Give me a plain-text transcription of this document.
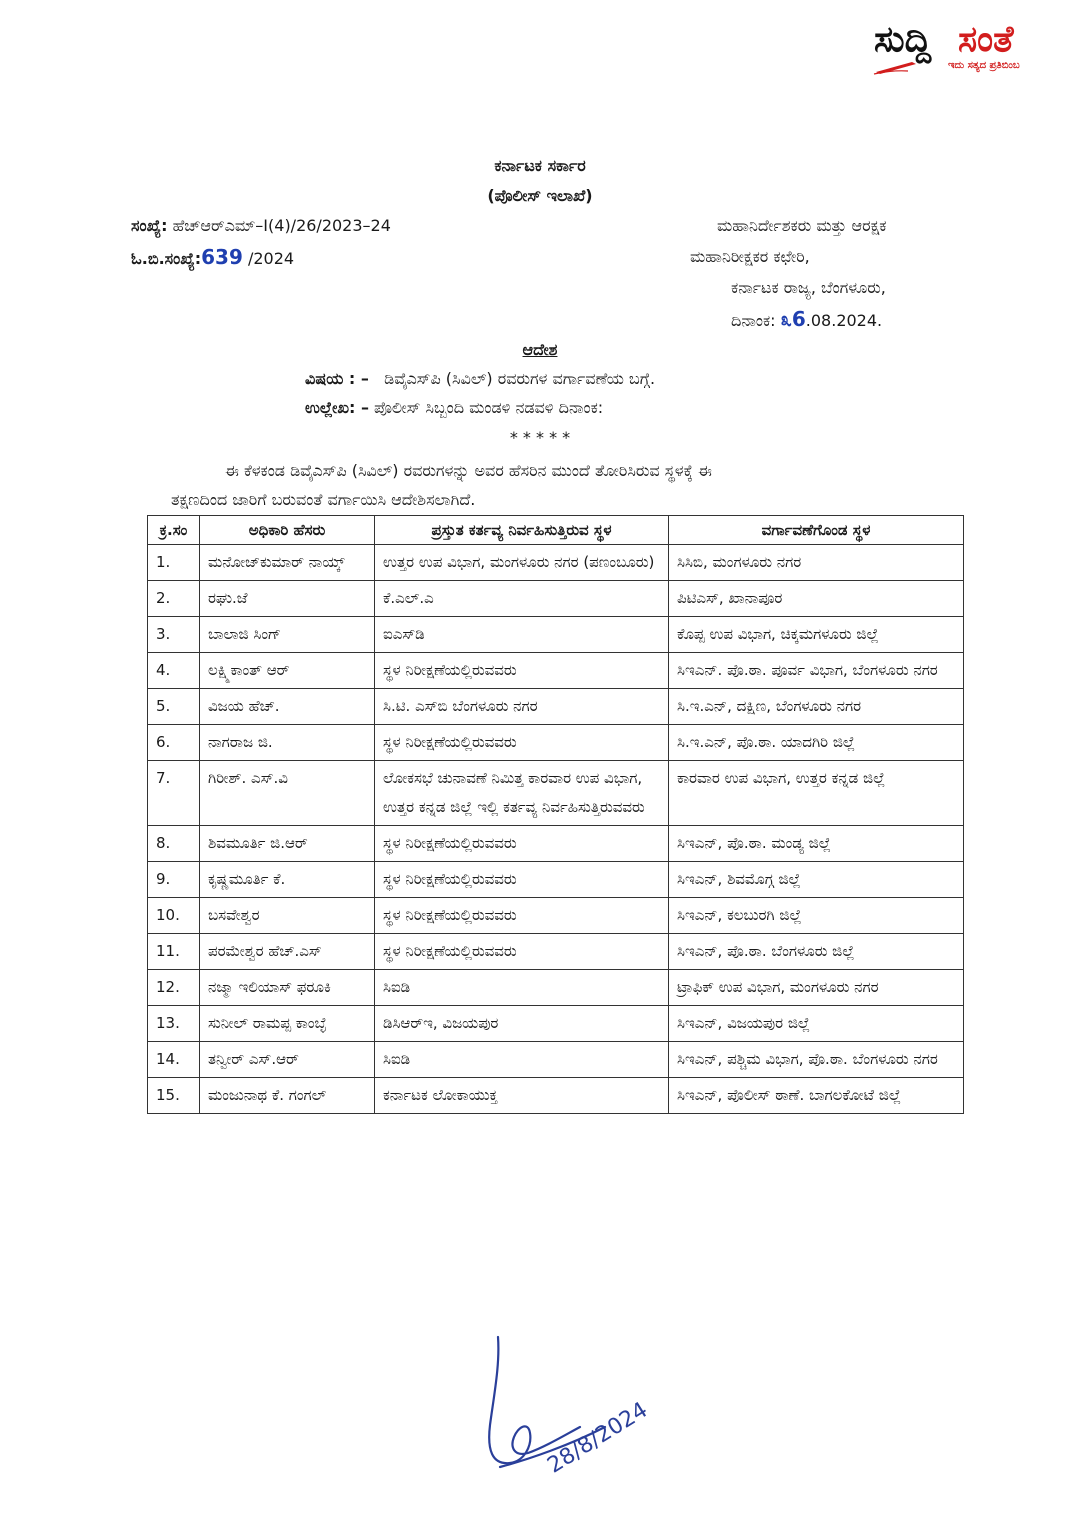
ಸುದ್ದಿ ಸಂತೆ
ಇದು ಸತ್ಯದ ಪ್ರತಿಬಿಂಬ
ಕರ್ನಾಟಕ ಸರ್ಕಾರ
(ಪೊಲೀಸ್ ಇಲಾಖೆ)
ಸಂಖ್ಯೆ: ಹೆಚ್‌ಆರ್‌ಎಮ್–I(4)/26/2023–24
ಓ.ಬಿ.ಸಂಖ್ಯೆ:639 /2024
ಮಹಾನಿರ್ದೇಶಕರು ಮತ್ತು ಆರಕ್ಷಕ
ಮಹಾನಿರೀಕ್ಷಕರ ಕಛೇರಿ,
ಕರ್ನಾಟಕ ರಾಜ್ಯ, ಬೆಂಗಳೂರು,
ದಿನಾಂಕ: ೩6.08.2024.
ಆದೇಶ
ವಿಷಯ : – ಡಿವೈಎಸ್‌ಪಿ (ಸಿವಿಲ್) ರವರುಗಳ ವರ್ಗಾವಣೆಯ ಬಗ್ಗೆ.
ಉಲ್ಲೇಖ: – ಪೊಲೀಸ್ ಸಿಬ್ಬಂದಿ ಮಂಡಳಿ ನಡವಳಿ ದಿನಾಂಕ:
* * * * *
ಈ ಕೆಳಕಂಡ ಡಿವೈಎಸ್‌ಪಿ (ಸಿವಿಲ್) ರವರುಗಳನ್ನು ಅವರ ಹೆಸರಿನ ಮುಂದೆ ತೋರಿಸಿರುವ ಸ್ಥಳಕ್ಕೆ ಈ
ತಕ್ಷಣದಿಂದ ಜಾರಿಗೆ ಬರುವಂತೆ ವರ್ಗಾಯಿಸಿ ಆದೇಶಿಸಲಾಗಿದೆ.
ಕ್ರ.ಸಂ	ಅಧಿಕಾರಿ ಹೆಸರು	ಪ್ರಸ್ತುತ ಕರ್ತವ್ಯ ನಿರ್ವಹಿಸುತ್ತಿರುವ ಸ್ಥಳ	ವರ್ಗಾವಣೆಗೊಂಡ ಸ್ಥಳ
1.	ಮನೋಜ್‌ಕುಮಾರ್ ನಾಯ್ಕ್	ಉತ್ತರ ಉಪ ವಿಭಾಗ, ಮಂಗಳೂರು ನಗರ (ಪಣಂಬೂರು)	ಸಿಸಿಬಿ, ಮಂಗಳೂರು ನಗರ
2.	ರಘು.ಜೆ	ಕೆ.ಎಲ್.ಎ	ಪಿಟಿಎಸ್, ಖಾನಾಪೂರ
3.	ಬಾಲಾಜಿ ಸಿಂಗ್	ಐಎಸ್‌ಡಿ	ಕೊಪ್ಪ ಉಪ ವಿಭಾಗ, ಚಿಕ್ಕಮಗಳೂರು ಜಿಲ್ಲೆ
4.	ಲಕ್ಷ್ಮಿಕಾಂತ್ ಆರ್	ಸ್ಥಳ ನಿರೀಕ್ಷಣೆಯಲ್ಲಿರುವವರು	ಸಿಇಎನ್. ಪೊ.ಠಾ. ಪೂರ್ವ ವಿಭಾಗ, ಬೆಂಗಳೂರು ನಗರ
5.	ವಿಜಯ ಹೆಚ್.	ಸಿ.ಟಿ. ಎಸ್‌ಬಿ ಬೆಂಗಳೂರು ನಗರ	ಸಿ.ಇ.ಎನ್, ದಕ್ಷಿಣ, ಬೆಂಗಳೂರು ನಗರ
6.	ನಾಗರಾಜ ಜಿ.	ಸ್ಥಳ ನಿರೀಕ್ಷಣೆಯಲ್ಲಿರುವವರು	ಸಿ.ಇ.ಎನ್, ಪೊ.ಠಾ. ಯಾದಗಿರಿ ಜಿಲ್ಲೆ
7.	ಗಿರೀಶ್. ಎಸ್.ವಿ	ಲೋಕಸಭೆ ಚುನಾವಣೆ ನಿಮಿತ್ತ ಕಾರವಾರ ಉಪ ವಿಭಾಗ, ಉತ್ತರ ಕನ್ನಡ ಜಿಲ್ಲೆ ಇಲ್ಲಿ ಕರ್ತವ್ಯ ನಿರ್ವಹಿಸುತ್ತಿರುವವರು	ಕಾರವಾರ ಉಪ ವಿಭಾಗ, ಉತ್ತರ ಕನ್ನಡ ಜಿಲ್ಲೆ
8.	ಶಿವಮೂರ್ತಿ ಜಿ.ಆರ್	ಸ್ಥಳ ನಿರೀಕ್ಷಣೆಯಲ್ಲಿರುವವರು	ಸಿಇಎನ್, ಪೊ.ಠಾ. ಮಂಡ್ಯ ಜಿಲ್ಲೆ
9.	ಕೃಷ್ಣಮೂರ್ತಿ ಕೆ.	ಸ್ಥಳ ನಿರೀಕ್ಷಣೆಯಲ್ಲಿರುವವರು	ಸಿಇಎನ್, ಶಿವಮೊಗ್ಗ ಜಿಲ್ಲೆ
10.	ಬಸವೇಶ್ವರ	ಸ್ಥಳ ನಿರೀಕ್ಷಣೆಯಲ್ಲಿರುವವರು	ಸಿಇಎನ್, ಕಲಬುರಗಿ ಜಿಲ್ಲೆ
11.	ಪರಮೇಶ್ವರ ಹೆಚ್.ಎಸ್	ಸ್ಥಳ ನಿರೀಕ್ಷಣೆಯಲ್ಲಿರುವವರು	ಸಿಇಎನ್, ಪೊ.ಠಾ. ಬೆಂಗಳೂರು ಜಿಲ್ಲೆ
12.	ನಜ್ಮಾ ಇಲಿಯಾಸ್ ಫರೂಕಿ	ಸಿಐಡಿ	ಟ್ರಾಫಿಕ್ ಉಪ ವಿಭಾಗ, ಮಂಗಳೂರು ನಗರ
13.	ಸುನೀಲ್ ರಾಮಪ್ಪ ಕಾಂಬ್ಳೆ	ಡಿಸಿಆರ್‌ಇ, ವಿಜಯಪುರ	ಸಿಇಎನ್, ವಿಜಯಪುರ ಜಿಲ್ಲೆ
14.	ತನ್ವೀರ್ ಎಸ್.ಆರ್	ಸಿಐಡಿ	ಸಿಇಎನ್, ಪಶ್ಚಿಮ ವಿಭಾಗ, ಪೊ.ಠಾ. ಬೆಂಗಳೂರು ನಗರ
15.	ಮಂಜುನಾಥ ಕೆ. ಗಂಗಲ್	ಕರ್ನಾಟಕ ಲೋಕಾಯುಕ್ತ	ಸಿಇಎನ್, ಪೊಲೀಸ್ ಠಾಣೆ. ಬಾಗಲಕೋಟೆ ಜಿಲ್ಲೆ
28/8/2024
